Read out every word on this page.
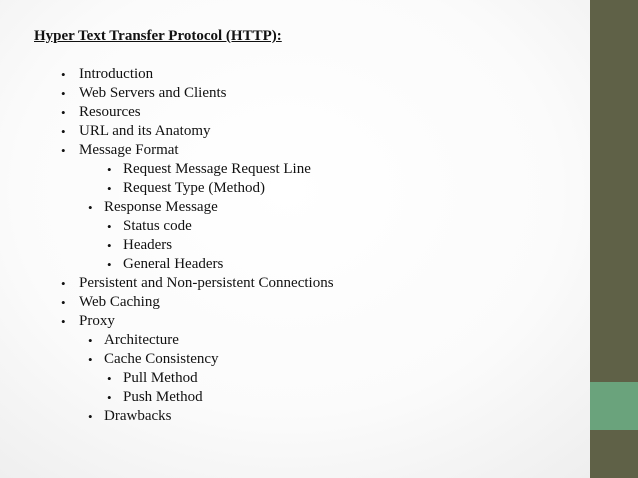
Hyper Text Transfer Protocol (HTTP):
• Introduction
• Web Servers and Clients
• Resources
• URL and its Anatomy
• Message Format
• Request Message Request Line
• Request Type (Method)
• Response Message
• Status code
• Headers
• General Headers
• Persistent and Non-persistent Connections
• Web Caching
• Proxy
• Architecture
• Cache Consistency
• Pull Method
• Push Method
• Drawbacks
